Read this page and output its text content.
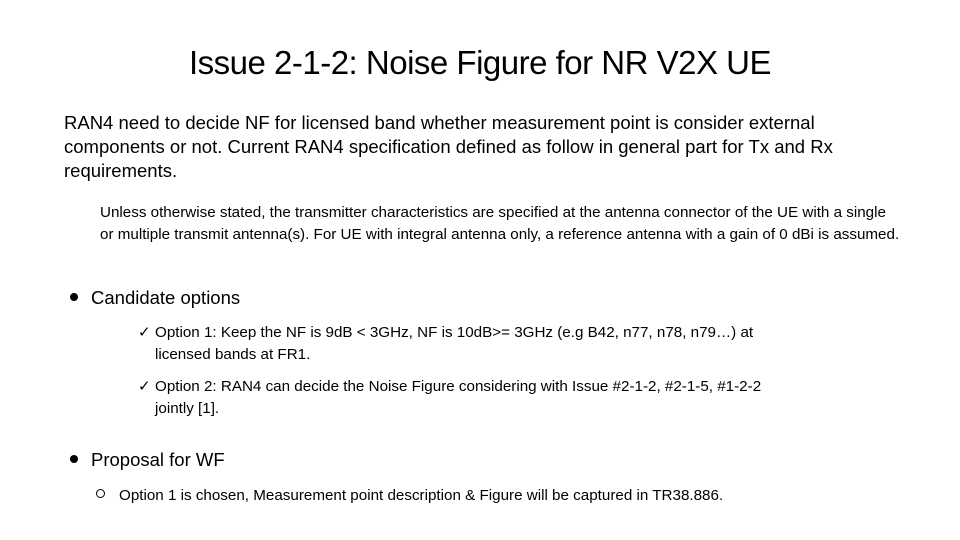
Issue 2-1-2: Noise Figure for NR V2X UE
RAN4 need to decide NF for licensed band whether measurement point is consider external components or not. Current RAN4 specification defined as follow in general part for Tx and Rx requirements.
Unless otherwise stated, the transmitter characteristics are specified at the antenna connector of the UE with a single or multiple transmit antenna(s). For UE with integral antenna only, a reference antenna with a gain of 0 dBi is assumed.
Candidate options
✓ Option 1: Keep the NF is 9dB < 3GHz, NF is 10dB>= 3GHz (e.g B42, n77, n78, n79…) at
licensed bands at FR1.
✓ Option 2: RAN4 can decide the Noise Figure considering with Issue #2-1-2, #2-1-5, #1-2-2
jointly [1].
Proposal for WF
Option 1 is chosen, Measurement point description & Figure will be captured in TR38.886.
